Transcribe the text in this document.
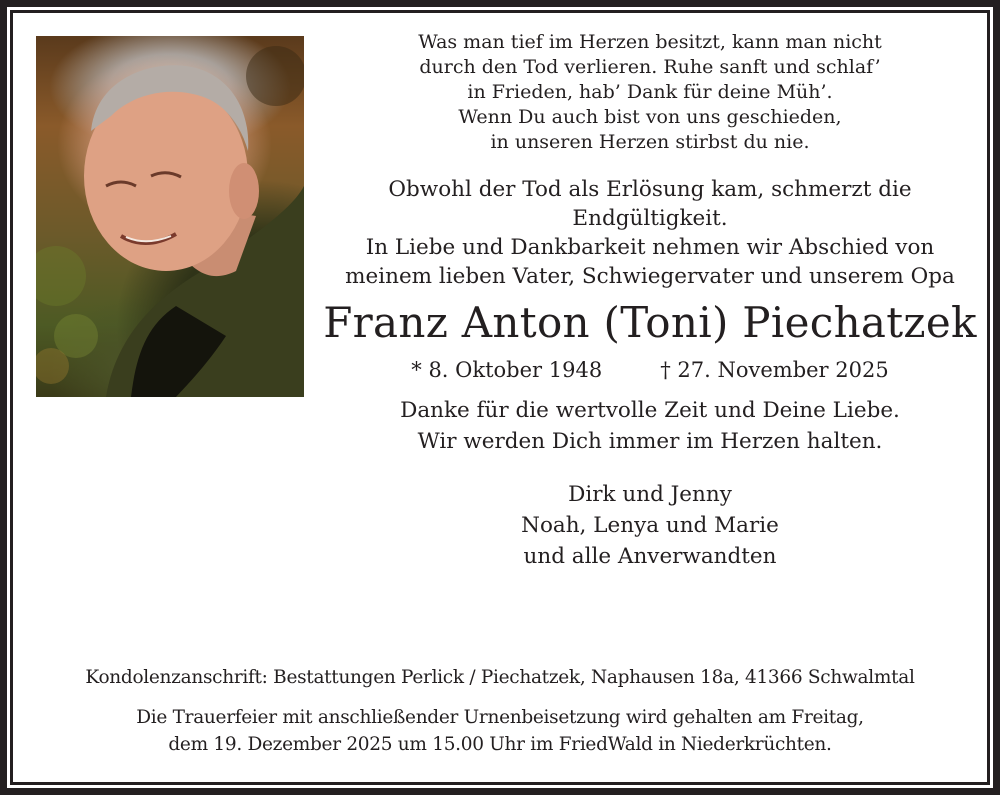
Was man tief im Herzen besitzt, kann man nicht
durch den Tod verlieren. Ruhe sanft und schlaf’
in Frieden, hab’ Dank für deine Müh’.
Wenn Du auch bist von uns geschieden,
in unseren Herzen stirbst du nie.
Obwohl der Tod als Erlösung kam, schmerzt die
Endgültigkeit.
In Liebe und Dankbarkeit nehmen wir Abschied von
meinem lieben Vater, Schwiegervater und unserem Opa
Franz Anton (Toni) Piechatzek
* 8. Oktober 1948	† 27. November 2025
Danke für die wertvolle Zeit und Deine Liebe.
Wir werden Dich immer im Herzen halten.
Dirk und Jenny
Noah, Lenya und Marie
und alle Anverwandten
Kondolenzanschrift: Bestattungen Perlick / Piechatzek, Naphausen 18a, 41366 Schwalmtal
Die Trauerfeier mit anschließender Urnenbeisetzung wird gehalten am Freitag,
dem 19. Dezember 2025 um 15.00 Uhr im FriedWald in Niederkrüchten.
